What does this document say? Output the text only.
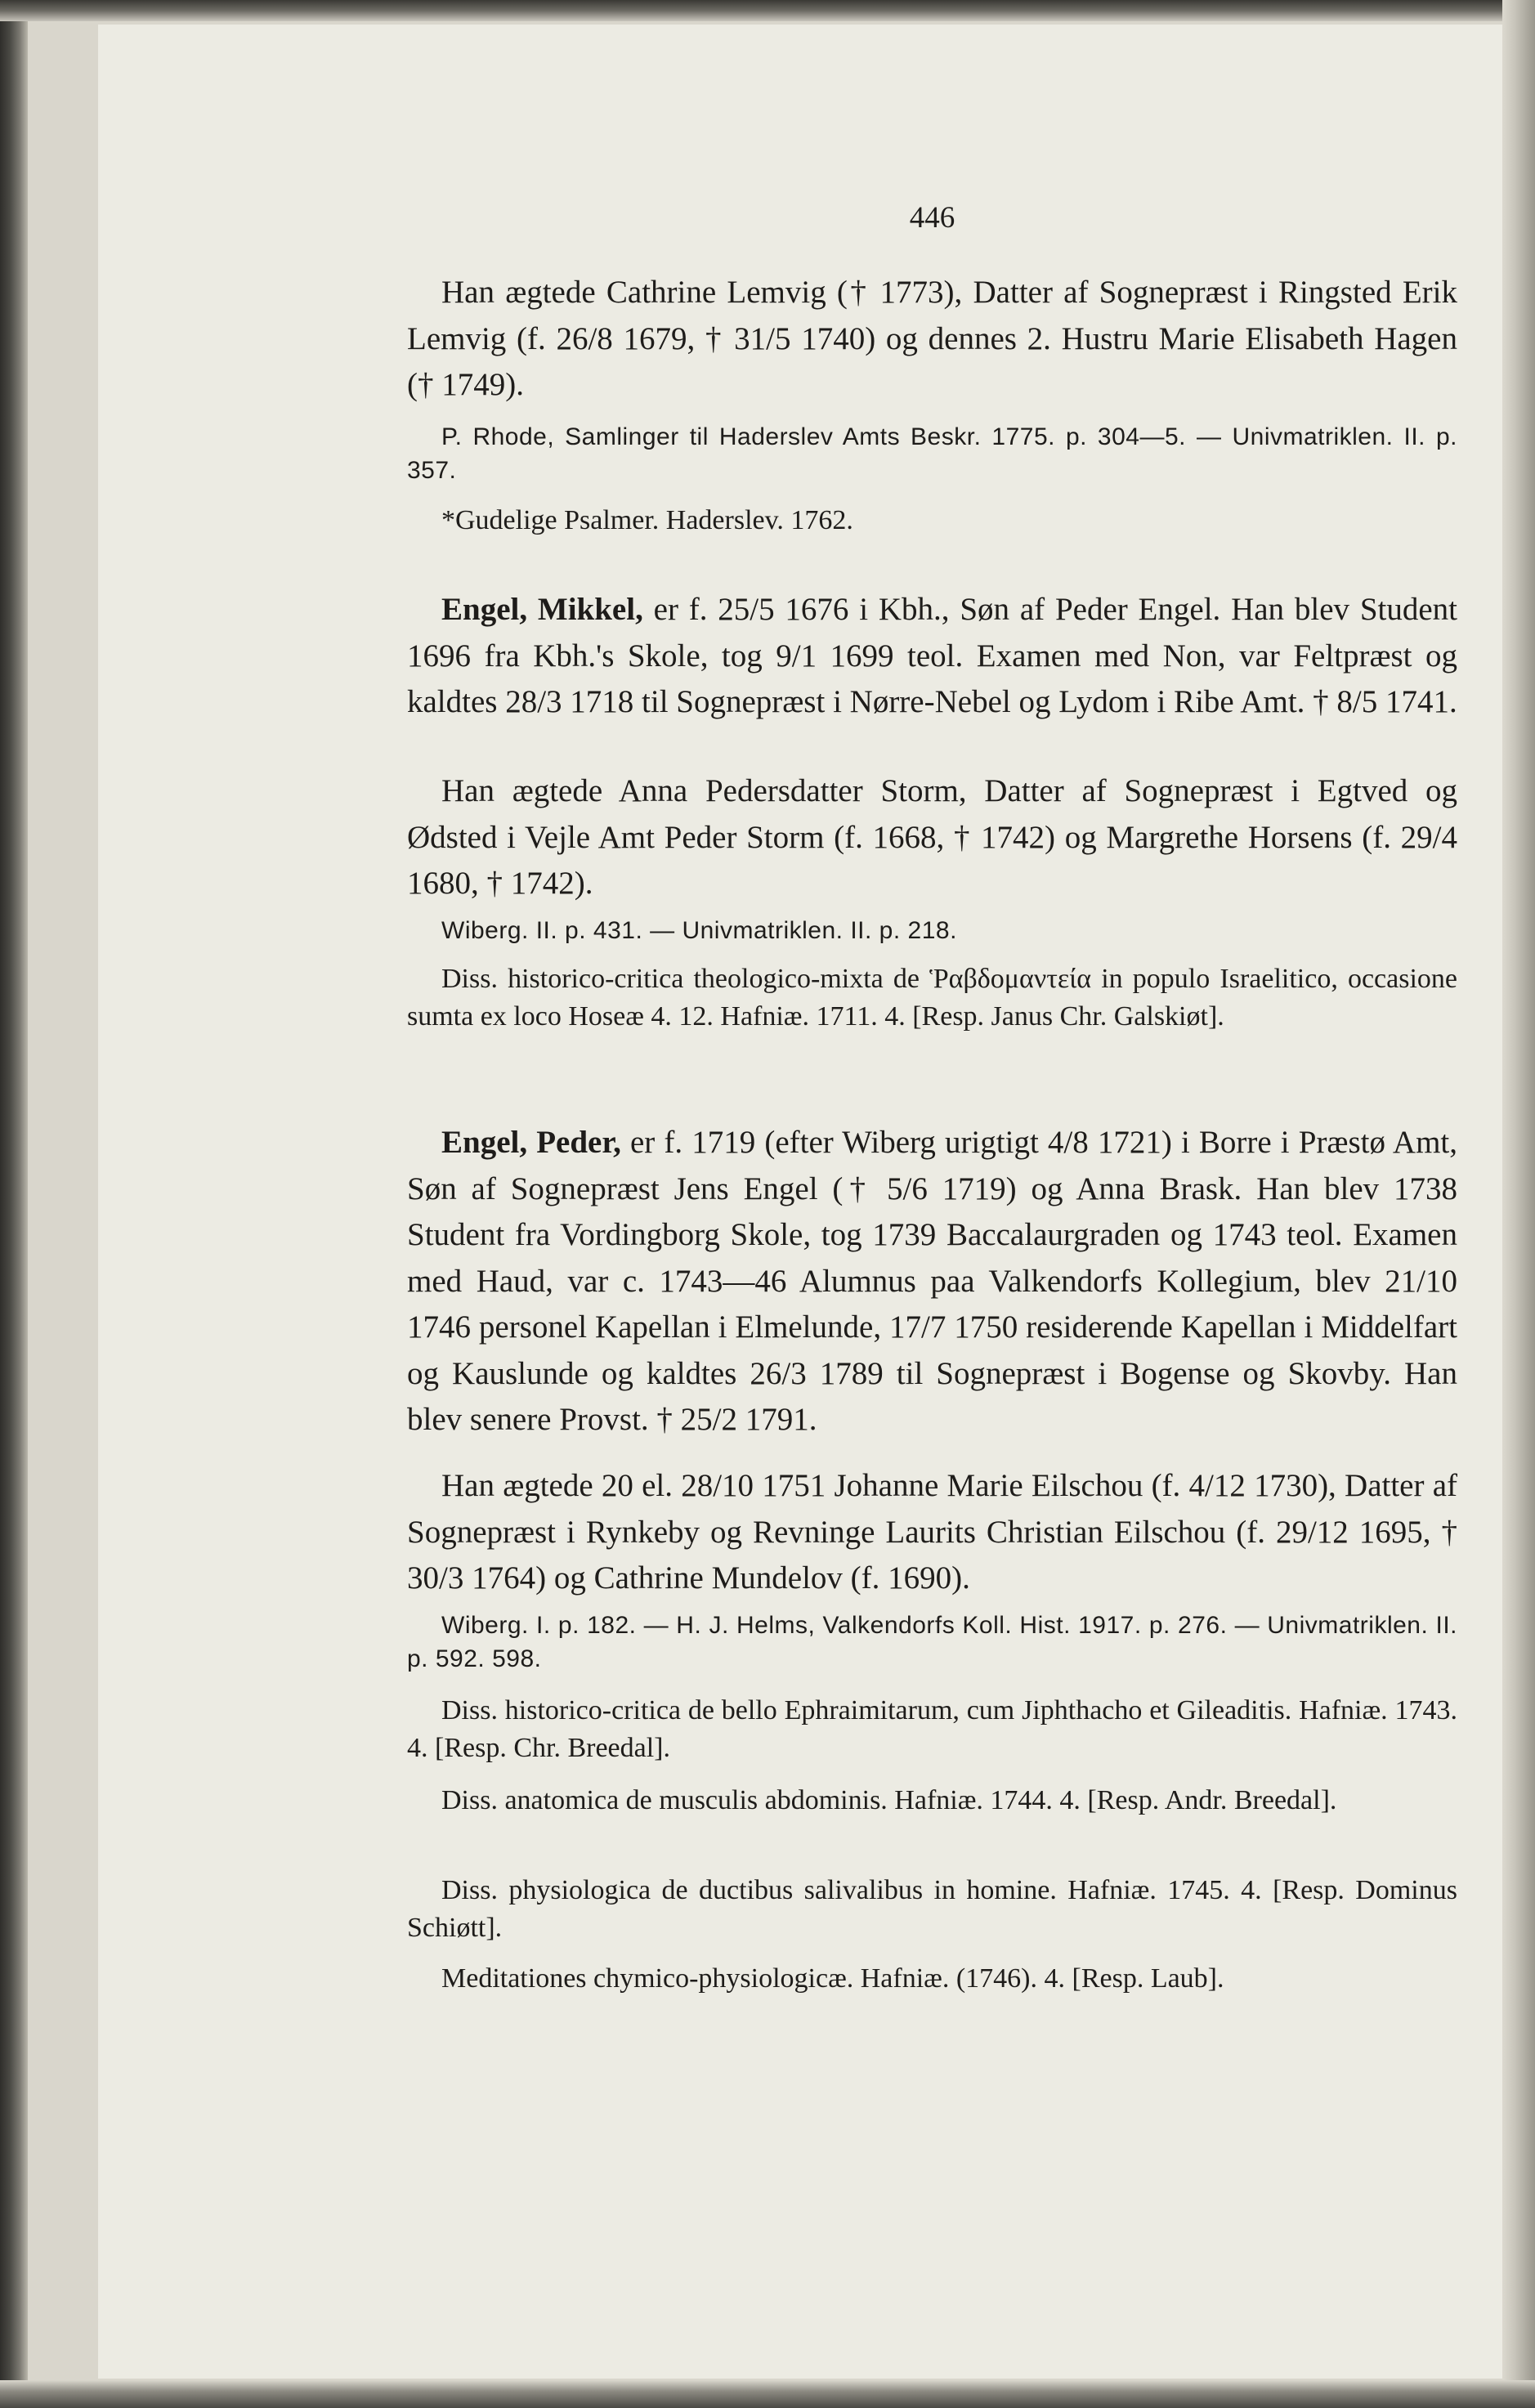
446

Han ægtede Cathrine Lemvig († 1773), Datter af Sognepræst i Ringsted Erik Lemvig (f. 26/8 1679, † 31/5 1740) og dennes 2. Hustru Marie Elisabeth Hagen († 1749).

P. Rhode, Samlinger til Haderslev Amts Beskr. 1775. p. 304—5. — Univmatriklen. II. p. 357.

*Gudelige Psalmer. Haderslev. 1762.

Engel, Mikkel, er f. 25/5 1676 i Kbh., Søn af Peder Engel. Han blev Student 1696 fra Kbh.'s Skole, tog 9/1 1699 teol. Examen med Non, var Feltpræst og kaldtes 28/3 1718 til Sognepræst i Nørre-Nebel og Lydom i Ribe Amt. † 8/5 1741.

Han ægtede Anna Pedersdatter Storm, Datter af Sognepræst i Egtved og Ødsted i Vejle Amt Peder Storm (f. 1668, † 1742) og Margrethe Horsens (f. 29/4 1680, † 1742).

Wiberg. II. p. 431. — Univmatriklen. II. p. 218.

Diss. historico-critica theologico-mixta de Ῥαβδομαντεία in populo Israelitico, occasione sumta ex loco Hoseæ 4. 12. Hafniæ. 1711. 4. [Resp. Janus Chr. Galskiøt].

Engel, Peder, er f. 1719 (efter Wiberg urigtigt 4/8 1721) i Borre i Præstø Amt, Søn af Sognepræst Jens Engel († 5/6 1719) og Anna Brask. Han blev 1738 Student fra Vordingborg Skole, tog 1739 Baccalaurgraden og 1743 teol. Examen med Haud, var c. 1743—46 Alumnus paa Valkendorfs Kollegium, blev 21/10 1746 personel Kapellan i Elmelunde, 17/7 1750 residerende Kapellan i Middelfart og Kauslunde og kaldtes 26/3 1789 til Sognepræst i Bogense og Skovby. Han blev senere Provst. † 25/2 1791.

Han ægtede 20 el. 28/10 1751 Johanne Marie Eilschou (f. 4/12 1730), Datter af Sognepræst i Rynkeby og Revninge Laurits Christian Eilschou (f. 29/12 1695, † 30/3 1764) og Cathrine Mundelov (f. 1690).

Wiberg. I. p. 182. — H. J. Helms, Valkendorfs Koll. Hist. 1917. p. 276. — Univmatriklen. II. p. 592. 598.

Diss. historico-critica de bello Ephraimitarum, cum Jiphthacho et Gileaditis. Hafniæ. 1743. 4. [Resp. Chr. Breedal].

Diss. anatomica de musculis abdominis. Hafniæ. 1744. 4. [Resp. Andr. Breedal].

Diss. physiologica de ductibus salivalibus in homine. Hafniæ. 1745. 4. [Resp. Dominus Schiøtt].

Meditationes chymico-physiologicæ. Hafniæ. (1746). 4. [Resp. Laub].
